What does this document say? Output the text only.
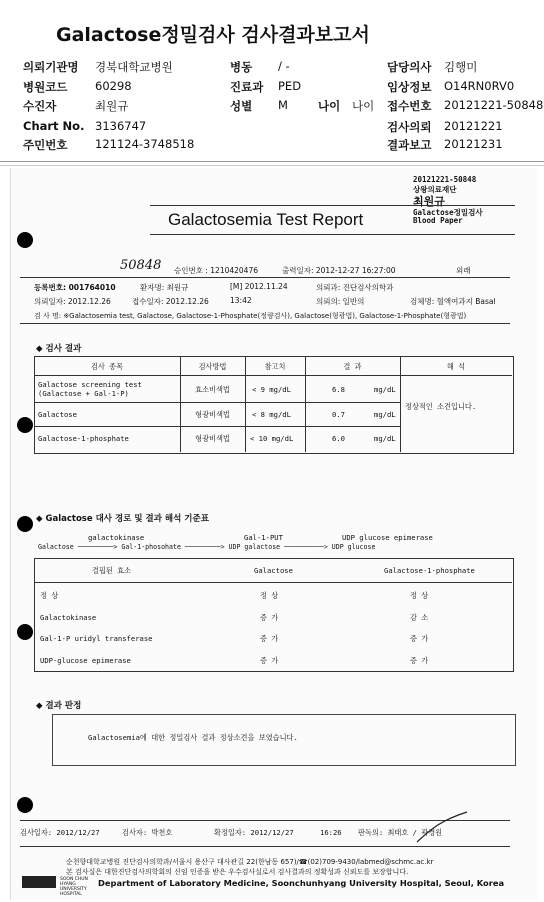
Galactose정밀검사 검사결과보고서
의뢰기관명 경북대학교병원	병동 / -	담당의사 김행미
병원코드 60298	진료과 PED	임상정보 O14RN0RV0
수진자	최원규	성별 M	나이 나이 접수번호 20121221-50848
Chart No. 3136747	검사의뢰 20121221
주민번호 121124-3748518	결과보고 20121231
20121221-50848
상왕의료재단
최원규
Galactose정밀검사
Blood Paper
Galactosemia Test Report
50848 승인번호 : 1210420476	출력일자: 2012-12-27 16:27:00	외래
등록번호: 001764010	환자명: 최원규	[M] 2012.11.24	의뢰과: 진단검사의학과
의뢰일자: 2012.12.26	접수일자: 2012.12.26	13:42	의뢰의: 일반의	검체명: 혈액여과지 Basal
검 사 명: ※Galactosemia test, Galactose, Galactose-1-Phosphate(정량검사), Galactose(형광법), Galactose-1-Phosphate(형광법)
◆ 검사 결과
검사 종목	검사방법	참고치	결 과	해 석
Galactose screening test
(Galactose + Gal-1-P)	효소비색법	< 9 mg/dL	6.8	mg/dL
Galactose	형광비색법	< 8 mg/dL	0.7	mg/dL
Galactose-1-phosphate	형광비색법	< 10 mg/dL	6.0	mg/dL
정상적인 소견입니다.
◆ Galactose 대사 경로 및 결과 해석 기준표
galactokinase	Gal-1-PUT	UDP glucose epimerase
Galactose ─────────> Gal-1-phosohate ─────────> UDP galactose ──────────> UDP glucose
결핍된 효소	Galactose	Galactose-1-phosphate
정 상	정 상	정 상
Galactokinase	증 가	감 소
Gal-1-P uridyl transferase	증 가	증 가
UDP-glucose epimerase	증 가	증 가
◆ 결과 판정
Galactosemia에 대한 정밀검사 결과 정상소견을 보였습니다.
검사일자: 2012/12/27	검사자: 박천호	확정일자: 2012/12/27	16:26 판독의: 최태호 / 곽경원
순천향대학교병원 진단검사의학과/서울시 용산구 대사관길 22(한남동 657)/☎(02)709-9430/labmed@schmc.ac.kr
본 검사실은 대한진단검사의학회의 신임 인증을 받은 우수검사실로서 검사결과의 정확성과 신뢰도를 보장합니다.
SOON CHUN HYANG UNIVERSITY HOSPITAL
Department of Laboratory Medicine, Soonchunhyang University Hospital, Seoul, Korea
